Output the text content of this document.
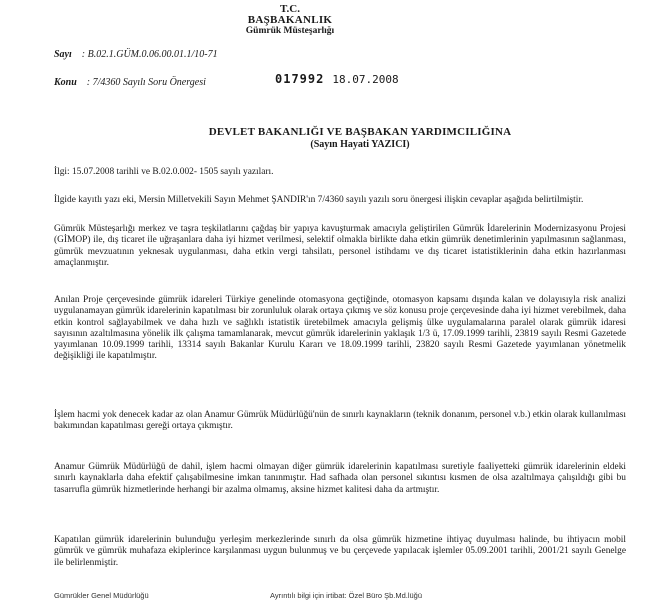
T.C.
BAŞBAKANLIK
Gümrük Müsteşarlığı
Sayı : B.02.1.GÜM.0.06.00.01.1/10-71
Konu : 7/4360 Sayılı Soru Önergesi	017992 18.07.2008
DEVLET BAKANLIĞI VE BAŞBAKAN YARDIMCILIĞINA
(Sayın Hayati YAZICI)
İlgi: 15.07.2008 tarihli ve B.02.0.002- 1505 sayılı yazıları.
İlgide kayıtlı yazı eki, Mersin Milletvekili Sayın Mehmet ŞANDIR'ın 7/4360 sayılı yazılı soru önergesi ilişkin cevaplar aşağıda belirtilmiştir.
Gümrük Müsteşarlığı merkez ve taşra teşkilatlarını çağdaş bir yapıya kavuşturmak amacıyla geliştirilen Gümrük İdarelerinin Modernizasyonu Projesi (GİMOP) ile, dış ticaret ile uğraşanlara daha iyi hizmet verilmesi, selektif olmakla birlikte daha etkin gümrük denetimlerinin yapılmasının sağlanması, gümrük mevzuatının yeknesak uygulanması, daha etkin vergi tahsilatı, personel istihdamı ve dış ticaret istatistiklerinin daha etkin hazırlanması amaçlanmıştır.
Anılan Proje çerçevesinde gümrük idareleri Türkiye genelinde otomasyona geçtiğinde, otomasyon kapsamı dışında kalan ve dolayısıyla risk analizi uygulanamayan gümrük idarelerinin kapatılması bir zorunluluk olarak ortaya çıkmış ve söz konusu proje çerçevesinde daha iyi hizmet verebilmek, daha etkin kontrol sağlayabilmek ve daha hızlı ve sağlıklı istatistik üretebilmek amacıyla gelişmiş ülke uygulamalarına paralel olarak gümrük idaresi sayısının azaltılmasına yönelik ilk çalışma tamamlanarak, mevcut gümrük idarelerinin yaklaşık 1/3 ü, 17.09.1999 tarihli, 23819 sayılı Resmi Gazetede yayımlanan 10.09.1999 tarihli, 13314 sayılı Bakanlar Kurulu Kararı ve 18.09.1999 tarihli, 23820 sayılı Resmi Gazetede yayımlanan yönetmelik değişikliği ile kapatılmıştır.
İşlem hacmi yok denecek kadar az olan Anamur Gümrük Müdürlüğü'nün de sınırlı kaynakların (teknik donanım, personel v.b.) etkin olarak kullanılması bakımından kapatılması gereği ortaya çıkmıştır.
Anamur Gümrük Müdürlüğü de dahil, işlem hacmi olmayan diğer gümrük idarelerinin kapatılması suretiyle faaliyetteki gümrük idarelerinin eldeki sınırlı kaynaklarla daha efektif çalışabilmesine imkan tanınmıştır. Had safhada olan personel sıkıntısı kısmen de olsa azaltılmaya çalışıldığı gibi bu tasarrufla gümrük hizmetlerinde herhangi bir azalma olmamış, aksine hizmet kalitesi daha da artmıştır.
Kapatılan gümrük idarelerinin bulunduğu yerleşim merkezlerinde sınırlı da olsa gümrük hizmetine ihtiyaç duyulması halinde, bu ihtiyacın mobil gümrük ve gümrük muhafaza ekiplerince karşılanması uygun bulunmuş ve bu çerçevede yapılacak işlemler 05.09.2001 tarihli, 2001/21 sayılı Genelge ile belirlenmiştir.
Gümrükler Genel Müdürlüğü	Ayrıntılı bilgi için irtibat: Özel Büro Şb.Md.lüğü
